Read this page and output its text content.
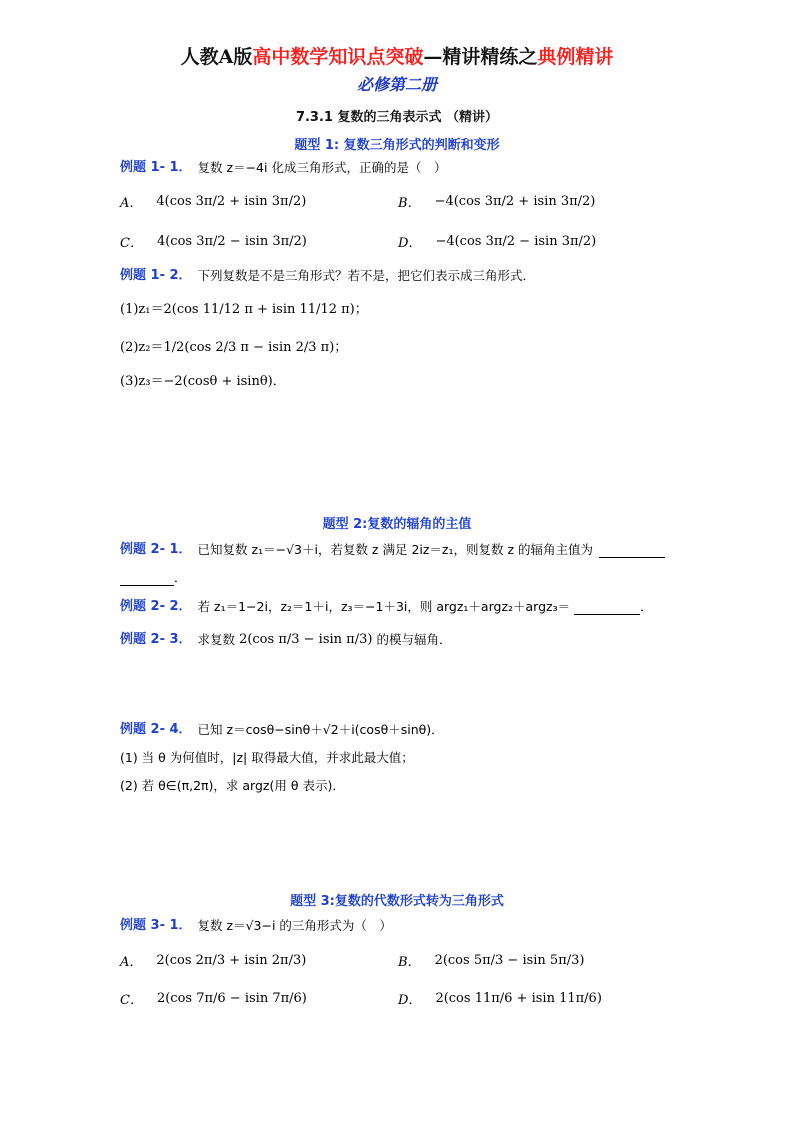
人教A版高中数学知识点突破—精讲精练之典例精讲
必修第二册
7.3.1 复数的三角表示式 （精讲）
题型 1: 复数三角形式的判断和变形
例题 1- 1． 复数 z＝−4i 化成三角形式，正确的是（　）
A． 4(cos 3π/2 + isin 3π/2)	B． −4(cos 3π/2 + isin 3π/2)
C． 4(cos 3π/2 − isin 3π/2)	D． −4(cos 3π/2 − isin 3π/2)
例题 1- 2． 下列复数是不是三角形式？若不是，把它们表示成三角形式．
(1)z₁＝2(cos 11/12 π + isin 11/12 π)；
(2)z₂＝1/2(cos 2/3 π − isin 2/3 π)；
(3)z₃＝−2(cosθ + isinθ)．
题型 2:复数的辐角的主值
例题 2- 1． 已知复数 z₁＝−√3＋i，若复数 z 满足 2iz＝z₁，则复数 z 的辐角主值为
．
例题 2- 2． 若 z₁＝1−2i，z₂＝1＋i，z₃＝−1＋3i，则 argz₁＋argz₂＋argz₃＝	．
例题 2- 3． 求复数 2(cos π/3 − isin π/3) 的模与辐角．
例题 2- 4． 已知 z＝cosθ−sinθ＋√2＋i(cosθ＋sinθ)．
(1) 当 θ 为何值时，|z| 取得最大值，并求此最大值；
(2) 若 θ∈(π,2π)，求 argz(用 θ 表示)．
题型 3:复数的代数形式转为三角形式
例题 3- 1． 复数 z＝√3−i 的三角形式为（　）
A． 2(cos 2π/3 + isin 2π/3)	B． 2(cos 5π/3 − isin 5π/3)
C． 2(cos 7π/6 − isin 7π/6)	D． 2(cos 11π/6 + isin 11π/6)
